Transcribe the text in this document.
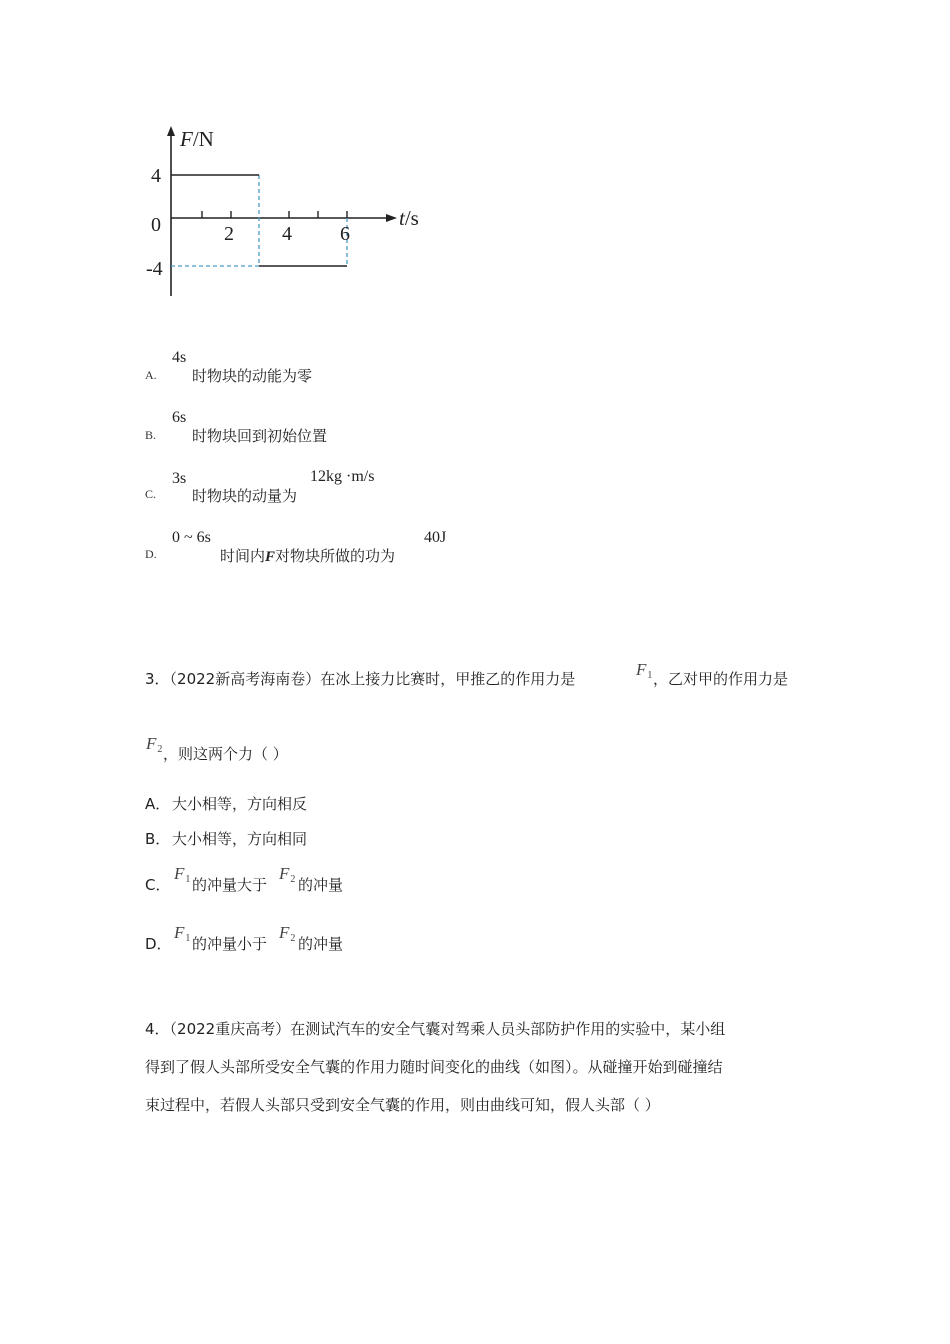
F/N
t/s
4
0
-4
2 4 6
A.
4s
时物块的动能为零
B.
6s
时物块回到初始位置
C.
3s
时物块的动量为
12kg ·m/s
D.
0 ~ 6s
时间内F对物块所做的功为
40J
3．（2022新高考海南卷）在冰上接力比赛时，甲推乙的作用力是	$F_1$ ，乙对甲的作用力是
$F_2$ ，则这两个力（ ）
A． 大小相等，方向相反
B． 大小相等，方向相同
C．
$F_1$ 的冲量大于
$F_2$ 的冲量
D．
$F_1$ 的冲量小于
$F_2$ 的冲量
4．（2022重庆高考）在测试汽车的安全气囊对驾乘人员头部防护作用的实验中，某小组
得到了假人头部所受安全气囊的作用力随时间变化的曲线（如图）。从碰撞开始到碰撞结
束过程中，若假人头部只受到安全气囊的作用，则由曲线可知，假人头部（ ）
